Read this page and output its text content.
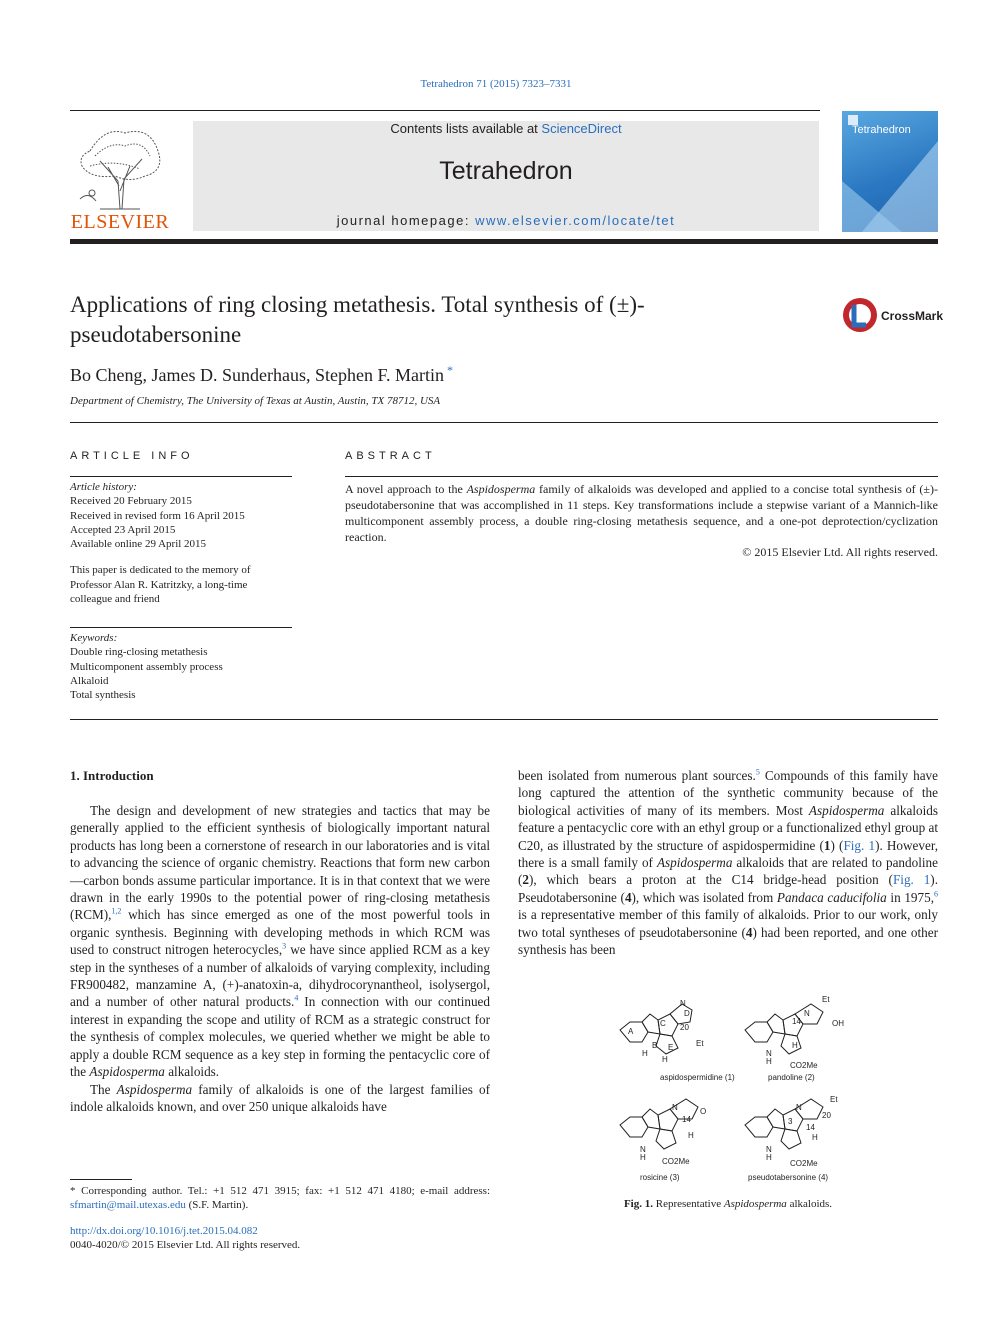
Tetrahedron 71 (2015) 7323–7331
ELSEVIER
Contents lists available at ScienceDirect
Tetrahedron
journal homepage: www.elsevier.com/locate/tet
Tetrahedron
Applications of ring closing metathesis. Total synthesis of (±)-pseudotabersonine
CrossMark
Bo Cheng, James D. Sunderhaus, Stephen F. Martin *
Department of Chemistry, The University of Texas at Austin, Austin, TX 78712, USA
ARTICLE INFO
Article history:
Received 20 February 2015
Received in revised form 16 April 2015
Accepted 23 April 2015
Available online 29 April 2015
This paper is dedicated to the memory of Professor Alan R. Katritzky, a long-time colleague and friend
Keywords:
Double ring-closing metathesis
Multicomponent assembly process
Alkaloid
Total synthesis
ABSTRACT
A novel approach to the Aspidosperma family of alkaloids was developed and applied to a concise total synthesis of (±)-pseudotabersonine that was accomplished in 11 steps. Key transformations include a stepwise variant of a Mannich-like multicomponent assembly process, a double ring-closing metathesis sequence, and a one-pot deprotection/cyclization reaction.
© 2015 Elsevier Ltd. All rights reserved.
1. Introduction

The design and development of new strategies and tactics that may be generally applied to the efficient synthesis of biologically important natural products has long been a cornerstone of research in our laboratories and is vital to advancing the science of organic chemistry. Reactions that form new carbon—carbon bonds assume particular importance. It is in that context that we were drawn in the early 1990s to the potential power of ring-closing metathesis (RCM),$^{1,2}$ which has since emerged as one of the most powerful tools in organic synthesis. Beginning with developing methods in which RCM was used to construct nitrogen heterocycles,$^3$ we have since applied RCM as a key step in the syntheses of a number of alkaloids of varying complexity, including FR900482, manzamine A, (+)-anatoxin-a, dihydrocorynantheol, isolysergol, and a number of other natural products.$^4$ In connection with our continued interest in expanding the scope and utility of RCM as a strategic construct for the synthesis of complex molecules, we queried whether we might be able to apply a double RCM sequence as a key step in forming the pentacyclic core of the Aspidosperma alkaloids.

The Aspidosperma family of alkaloids is one of the largest families of indole alkaloids known, and over 250 unique alkaloids have

been isolated from numerous plant sources.$^5$ Compounds of this family have long captured the attention of the synthetic community because of the biological activities of many of its members. Most Aspidosperma alkaloids feature a pentacyclic core with an ethyl group or a functionalized ethyl group at C20, as illustrated by the structure of aspidospermidine (1) (Fig. 1). However, there is a small family of Aspidosperma alkaloids that are related to pandoline (2), which bears a proton at the C14 bridge-head position (Fig. 1). Pseudotabersonine (4), which was isolated from Pandaca caducifolia in 1975,$^6$ is a representative member of this family of alkaloids. Prior to our work, only two total syntheses of pseudotabersonine (4) had been reported, and one other synthesis has been

aspidospermidine (1)	pandoline (2)
rosicine (3)	pseudotabersonine (4)
A
B
C
D
E
N
H
H
20
Et
Et
OH
14
N
N
H
H CO2Me
N	O
14
H
N
H CO2Me
Et
20
N
3
14
N
H
H
CO2Me
Fig. 1. Representative Aspidosperma alkaloids.
* Corresponding author. Tel.: +1 512 471 3915; fax: +1 512 471 4180; e-mail address: sfmartin@mail.utexas.edu (S.F. Martin).
http://dx.doi.org/10.1016/j.tet.2015.04.082
0040-4020/© 2015 Elsevier Ltd. All rights reserved.
